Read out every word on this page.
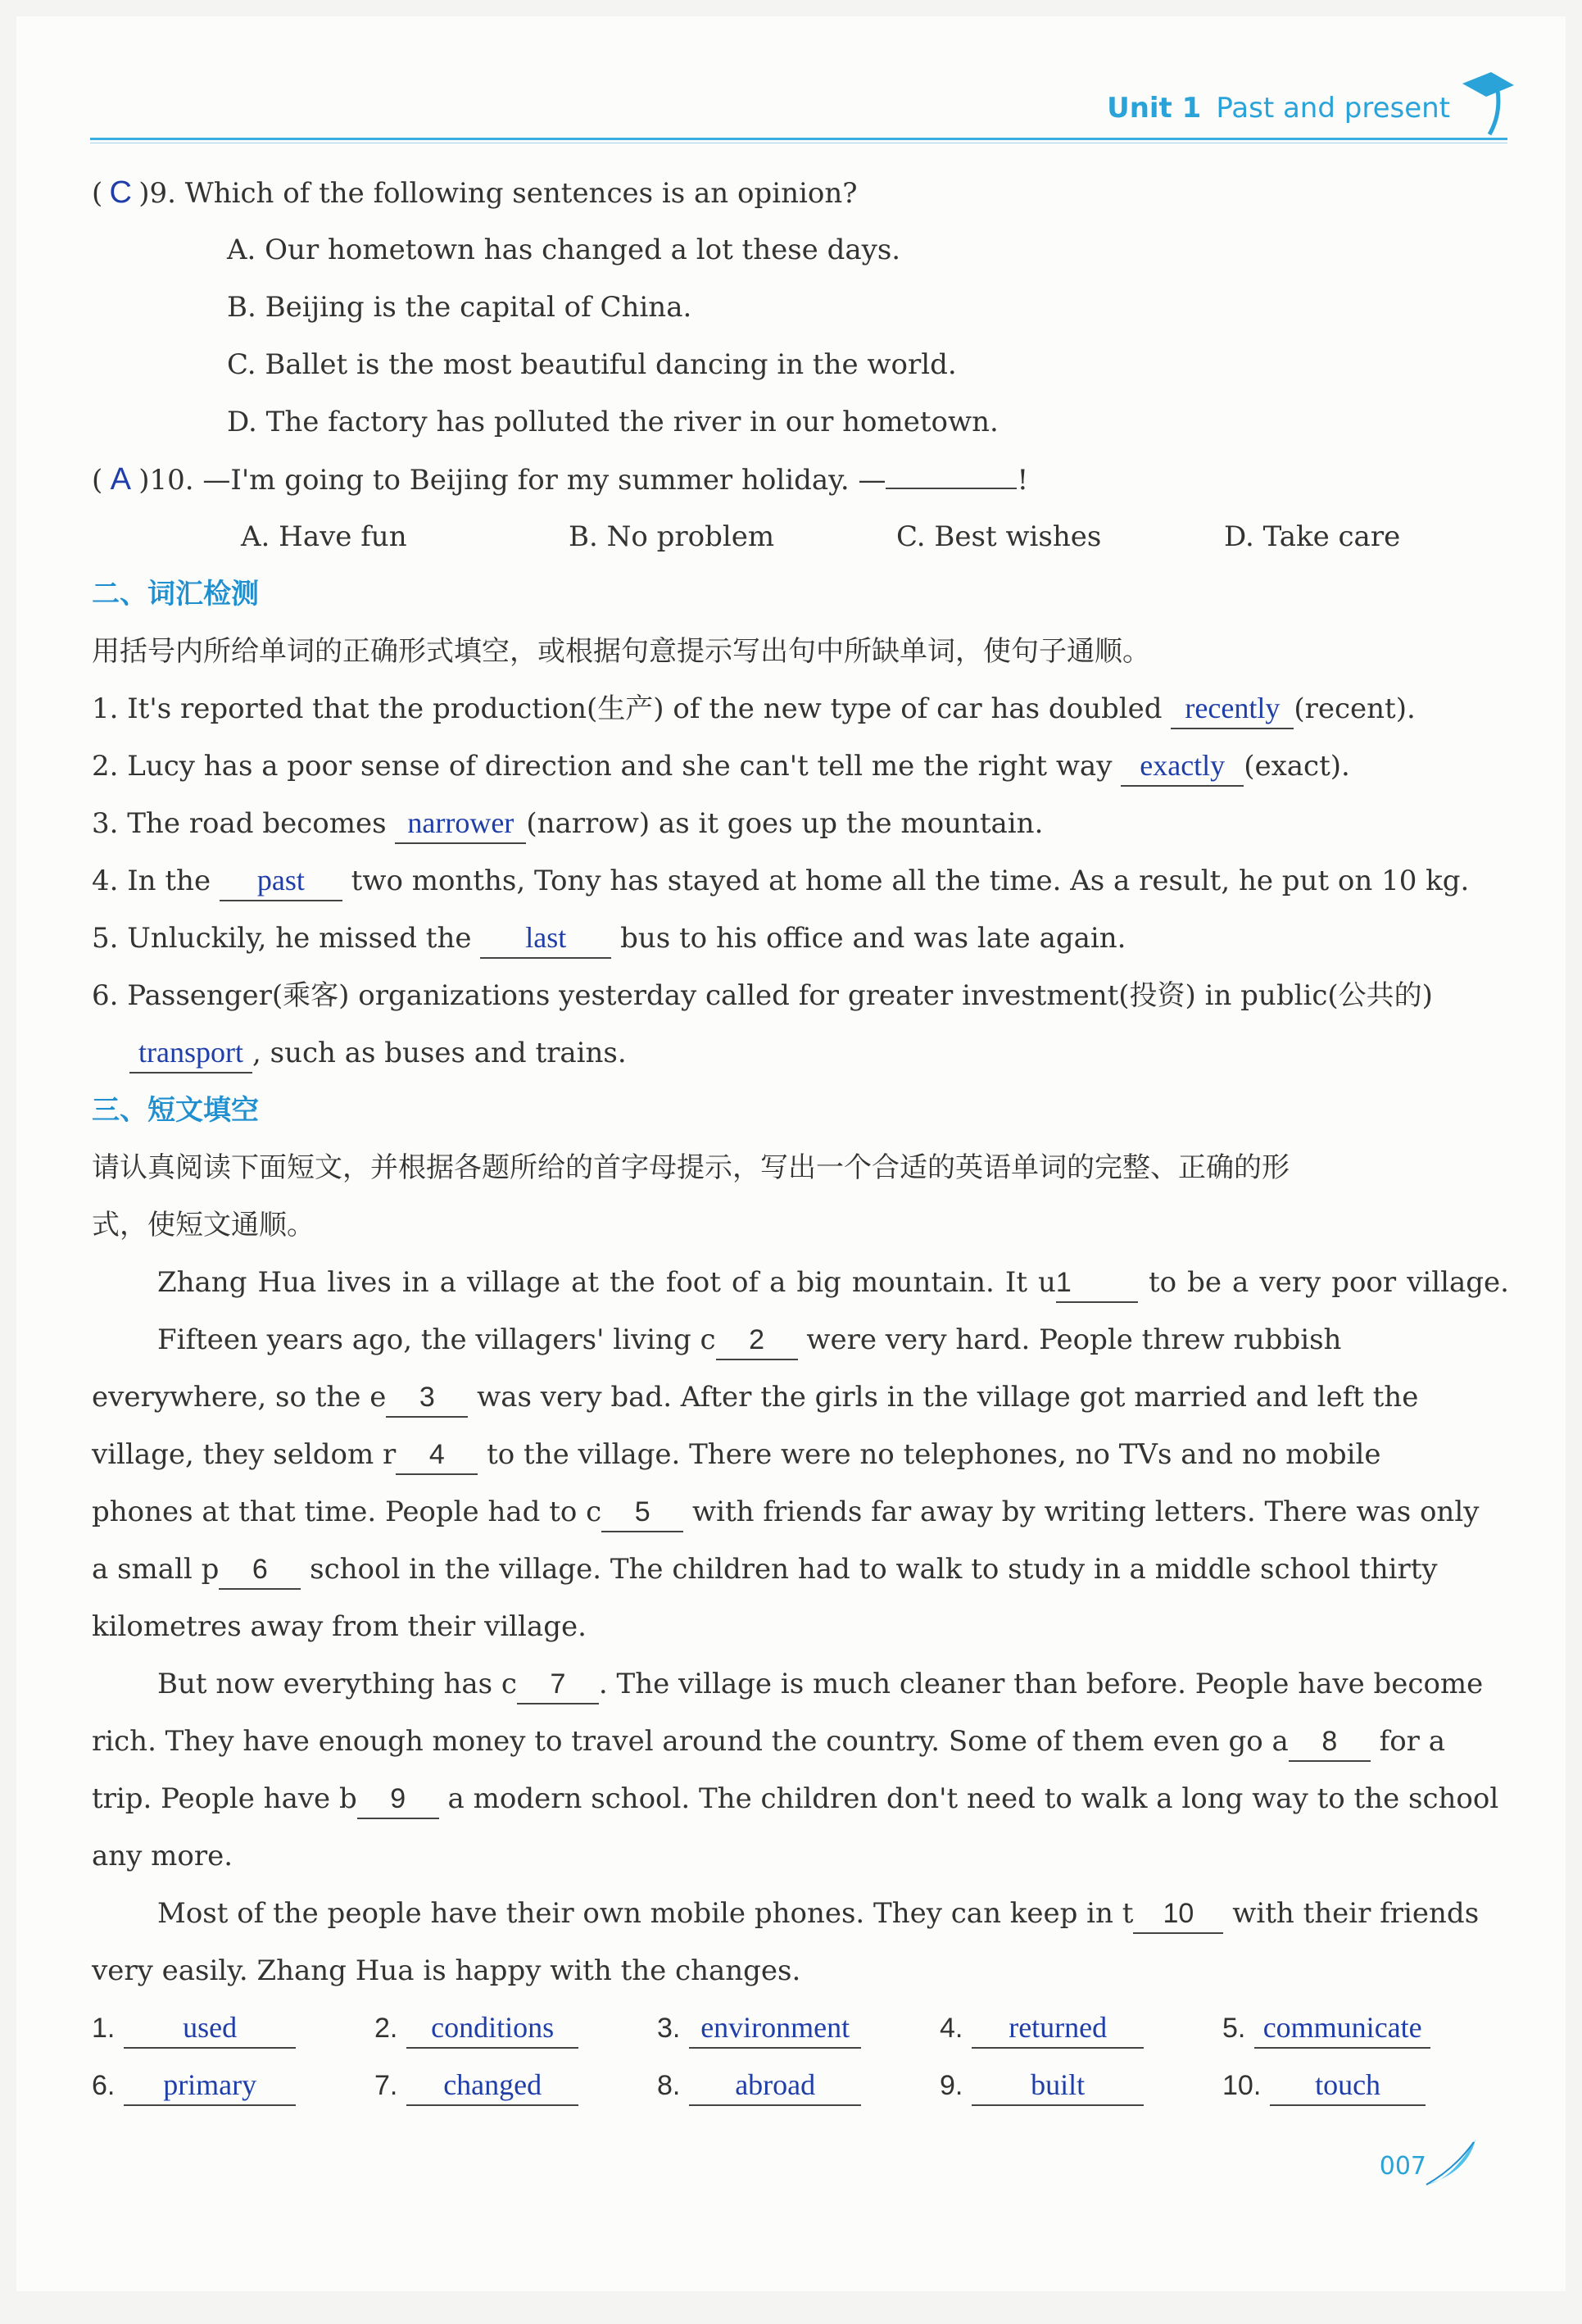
Unit 1 Past and present
( C )9. Which of the following sentences is an opinion?
A. Our hometown has changed a lot these days.
B. Beijing is the capital of China.
C. Ballet is the most beautiful dancing in the world.
D. The factory has polluted the river in our hometown.
( A )10. —I'm going to Beijing for my summer holiday. —	!
A. Have fun	B. No problem	C. Best wishes	D. Take care
二、词汇检测
用括号内所给单词的正确形式填空，或根据句意提示写出句中所缺单词，使句子通顺。
1. It's reported that the production(生产) of the new type of car has doubled recently (recent).
2. Lucy has a poor sense of direction and she can't tell me the right way exactly (exact).
3. The road becomes narrower (narrow) as it goes up the mountain.
4. In the past two months, Tony has stayed at home all the time. As a result, he put on 10 kg.
5. Unluckily, he missed the last bus to his office and was late again.
6. Passenger(乘客) organizations yesterday called for greater investment(投资) in public(公共的)
transport , such as buses and trains.
三、短文填空
请认真阅读下面短文，并根据各题所给的首字母提示，写出一个合适的英语单词的完整、正确的形
式，使短文通顺。
Zhang Hua lives in a village at the foot of a big mountain. It u1 to be a very poor village.
Fifteen years ago, the villagers' living c 2 were very hard. People threw rubbish
everywhere, so the e 3 was very bad. After the girls in the village got married and left the
village, they seldom r 4 to the village. There were no telephones, no TVs and no mobile
phones at that time. People had to c 5 with friends far away by writing letters. There was only
a small p 6 school in the village. The children had to walk to study in a middle school thirty
kilometres away from their village.
But now everything has c 7 . The village is much cleaner than before. People have become
rich. They have enough money to travel around the country. Some of them even go a 8 for a
trip. People have b 9 a modern school. The children don't need to walk a long way to the school
any more.
Most of the people have their own mobile phones. They can keep in t 10 with their friends
very easily. Zhang Hua is happy with the changes.
1. used	2. conditions	3. environment	4. returned	5. communicate
6. primary	7. changed	8. abroad	9. built	10. touch
007
